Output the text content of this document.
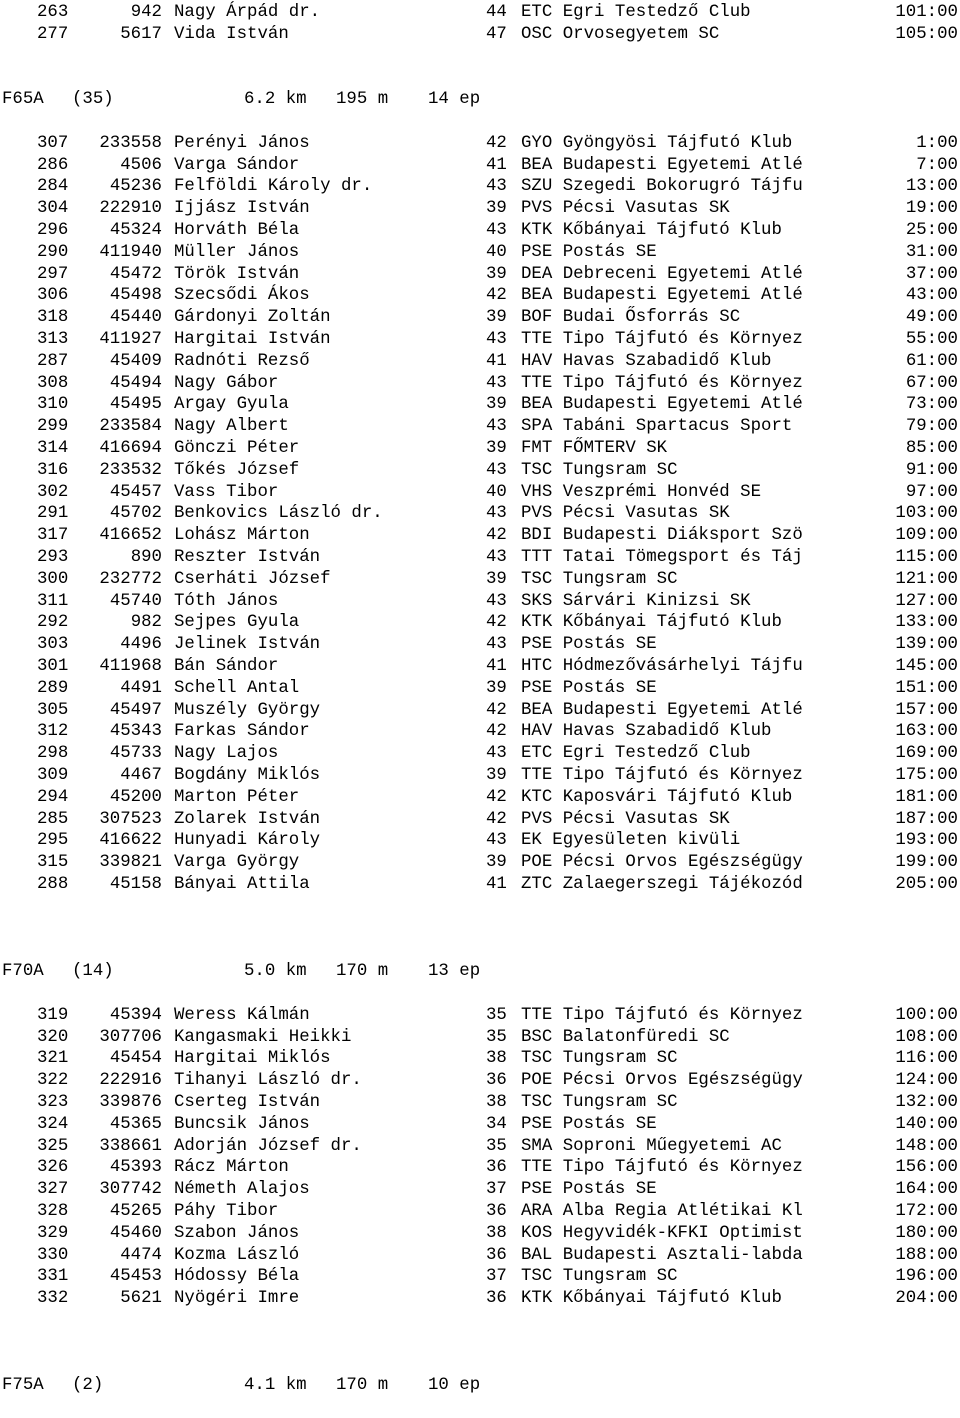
263	942 Nagy Árpád dr.	44 ETC Egri Testedző Club	101:00
277	5617 Vida István	47 OSC Orvosegyetem SC	105:00
F65A (35)	6.2 km 195 m 14 ep
307 233558 Perényi János	42 GYO Gyöngyösi Tájfutó Klub	1:00
286	4506 Varga Sándor	41 BEA Budapesti Egyetemi Atlé	7:00
284 45236 Felföldi Károly dr.	43 SZU Szegedi Bokorugró Tájfu	13:00
304 222910 Ijjász István	39 PVS Pécsi Vasutas SK	19:00
296 45324 Horváth Béla	43 KTK Kőbányai Tájfutó Klub	25:00
290 411940 Müller János	40 PSE Postás SE	31:00
297 45472 Török István	39 DEA Debreceni Egyetemi Atlé	37:00
306 45498 Szecsődi Ákos	42 BEA Budapesti Egyetemi Atlé	43:00
318 45440 Gárdonyi Zoltán	39 BOF Budai Ősforrás SC	49:00
313 411927 Hargitai István	43 TTE Tipo Tájfutó és Környez	55:00
287 45409 Radnóti Rezső	41 HAV Havas Szabadidő Klub	61:00
308 45494 Nagy Gábor	43 TTE Tipo Tájfutó és Környez	67:00
310 45495 Argay Gyula	39 BEA Budapesti Egyetemi Atlé	73:00
299 233584 Nagy Albert	43 SPA Tabáni Spartacus Sport	79:00
314 416694 Gönczi Péter	39 FMT FŐMTERV SK	85:00
316 233532 Tőkés József	43 TSC Tungsram SC	91:00
302 45457 Vass Tibor	40 VHS Veszprémi Honvéd SE	97:00
291 45702 Benkovics László dr.	43 PVS Pécsi Vasutas SK	103:00
317 416652 Lohász Márton	42 BDI Budapesti Diáksport Szö	109:00
293	890 Reszter István	43 TTT Tatai Tömegsport és Táj	115:00
300 232772 Cserháti József	39 TSC Tungsram SC	121:00
311 45740 Tóth János	43 SKS Sárvári Kinizsi SK	127:00
292	982 Sejpes Gyula	42 KTK Kőbányai Tájfutó Klub	133:00
303	4496 Jelinek István	43 PSE Postás SE	139:00
301 411968 Bán Sándor	41 HTC Hódmezővásárhelyi Tájfu	145:00
289	4491 Schell Antal	39 PSE Postás SE	151:00
305 45497 Muszély György	42 BEA Budapesti Egyetemi Atlé	157:00
312 45343 Farkas Sándor	42 HAV Havas Szabadidő Klub	163:00
298 45733 Nagy Lajos	43 ETC Egri Testedző Club	169:00
309	4467 Bogdány Miklós	39 TTE Tipo Tájfutó és Környez	175:00
294 45200 Marton Péter	42 KTC Kaposvári Tájfutó Klub	181:00
285 307523 Zolarek István	42 PVS Pécsi Vasutas SK	187:00
295 416622 Hunyadi Károly	43 EK Egyesületen kivüli	193:00
315 339821 Varga György	39 POE Pécsi Orvos Egészségügy	199:00
288 45158 Bányai Attila	41 ZTC Zalaegerszegi Tájékozód	205:00
F70A (14)	5.0 km 170 m 13 ep
319 45394 Weress Kálmán	35 TTE Tipo Tájfutó és Környez	100:00
320 307706 Kangasmaki Heikki	35 BSC Balatonfüredi SC	108:00
321 45454 Hargitai Miklós	38 TSC Tungsram SC	116:00
322 222916 Tihanyi László dr.	36 POE Pécsi Orvos Egészségügy	124:00
323 339876 Cserteg István	38 TSC Tungsram SC	132:00
324 45365 Buncsik János	34 PSE Postás SE	140:00
325 338661 Adorján József dr.	35 SMA Soproni Műegyetemi AC	148:00
326 45393 Rácz Márton	36 TTE Tipo Tájfutó és Környez	156:00
327 307742 Németh Alajos	37 PSE Postás SE	164:00
328 45265 Páhy Tibor	36 ARA Alba Regia Atlétikai Kl	172:00
329 45460 Szabon János	38 KOS Hegyvidék-KFKI Optimist	180:00
330	4474 Kozma László	36 BAL Budapesti Asztali-labda	188:00
331 45453 Hódossy Béla	37 TSC Tungsram SC	196:00
332	5621 Nyögéri Imre	36 KTK Kőbányai Tájfutó Klub	204:00
F75A (2)	4.1 km 170 m 10 ep
